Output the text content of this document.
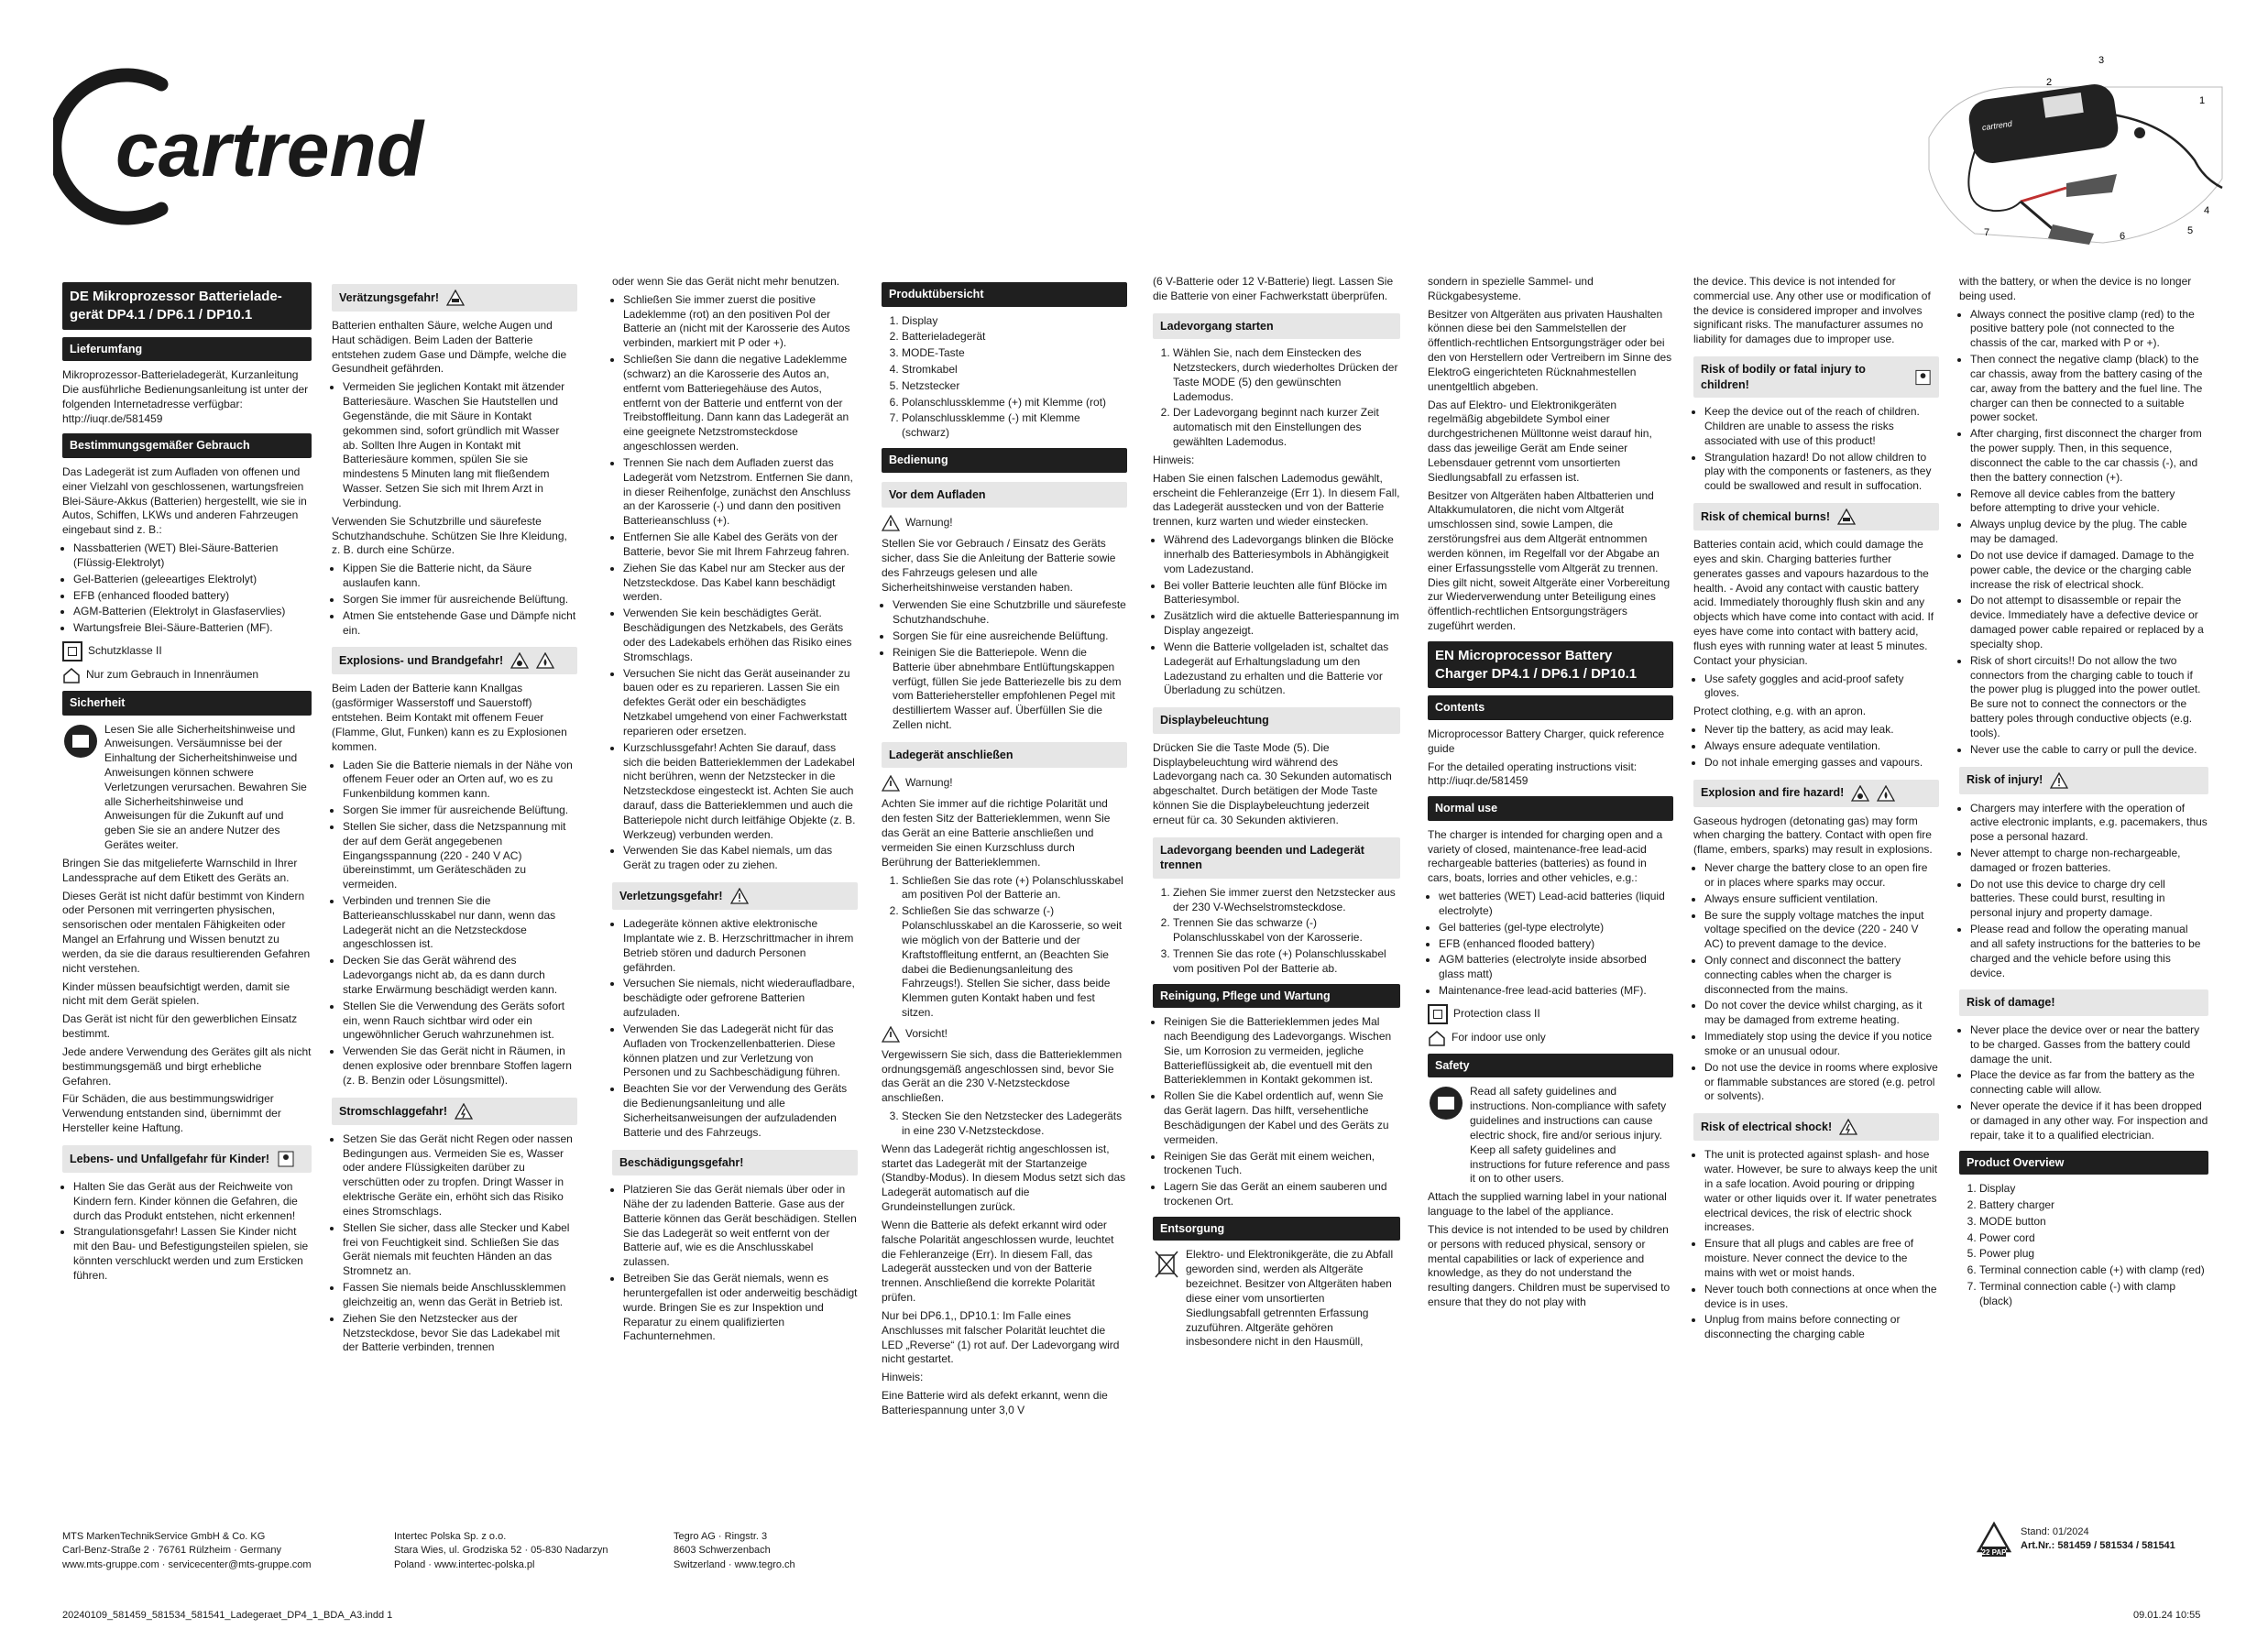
cartrend	cartrend
3
2
1
4
5
6
7
DE Mikroprozessor Batterielade-gerät DP4.1 / DP6.1 / DP10.1
Lieferumfang

Mikroprozessor-Batterieladegerät, Kurzanleitung Die ausführliche Bedienungsanleitung ist unter der folgenden Internetadresse verfügbar: http://iuqr.de/581459

Bestimmungsgemäßer Gebrauch

Das Ladegerät ist zum Aufladen von offenen und einer Vielzahl von geschlossenen, wartungsfreien Blei-Säure-Akkus (Batterien) hergestellt, wie sie in Autos, Schiffen, LKWs und anderen Fahrzeugen eingebaut sind z. B.:

• Nassbatterien (WET) Blei-Säure-Batterien (Flüssig-Elektrolyt)
• Gel-Batterien (geleeartiges Elektrolyt)
• EFB (enhanced flooded battery)
• AGM-Batterien (Elektrolyt in Glasfaservlies)
• Wartungsfreie Blei-Säure-Batterien (MF).
Schutzklasse II
Nur zum Gebrauch in Innenräumen
Sicherheit

Lesen Sie alle Sicherheitshinweise und Anweisungen. Versäumnisse bei der Einhaltung der Sicherheitshinweise und Anweisungen können schwere Verletzungen verursachen. Bewahren Sie alle Sicherheitshinweise und Anweisungen für die Zukunft auf und geben Sie sie an andere Nutzer des Gerätes weiter.

Bringen Sie das mitgelieferte Warnschild in Ihrer Landessprache auf dem Etikett des Geräts an.

Dieses Gerät ist nicht dafür bestimmt von Kindern oder Personen mit verringerten physischen, sensorischen oder mentalen Fähigkeiten oder Mangel an Erfahrung und Wissen benutzt zu werden, da sie die daraus resultierenden Gefahren nicht verstehen.

Kinder müssen beaufsichtigt werden, damit sie nicht mit dem Gerät spielen.

Das Gerät ist nicht für den gewerblichen Einsatz bestimmt.

Jede andere Verwendung des Gerätes gilt als nicht bestimmungsgemäß und birgt erhebliche Gefahren.

Für Schäden, die aus bestimmungswidriger Verwendung entstanden sind, übernimmt der Hersteller keine Haftung.

Lebens- und Unfallgefahr für Kinder!
• Halten Sie das Gerät aus der Reichweite von Kindern fern. Kinder können die Gefahren, die durch das Produkt entstehen, nicht erkennen!
• Strangulationsgefahr! Lassen Sie Kinder nicht mit den Bau- und Befestigungsteilen spielen, sie könnten verschluckt werden und zum Ersticken führen.
Verätzungsgefahr!

Batterien enthalten Säure, welche Augen und Haut schädigen. Beim Laden der Batterie entstehen zudem Gase und Dämpfe, welche die Gesundheit gefährden.

• Vermeiden Sie jeglichen Kontakt mit ätzender Batteriesäure. Waschen Sie Hautstellen und Gegenstände, die mit Säure in Kontakt gekommen sind, sofort gründlich mit Wasser ab. Sollten Ihre Augen in Kontakt mit Batteriesäure kommen, spülen Sie sie mindestens 5 Minuten lang mit fließendem Wasser. Setzen Sie sich mit Ihrem Arzt in Verbindung.

Verwenden Sie Schutzbrille und säurefeste Schutzhandschuhe. Schützen Sie Ihre Kleidung, z. B. durch eine Schürze.

• Kippen Sie die Batterie nicht, da Säure auslaufen kann.
• Sorgen Sie immer für ausreichende Belüftung.
• Atmen Sie entstehende Gase und Dämpfe nicht ein.
Explosions- und Brandgefahr!

Beim Laden der Batterie kann Knallgas (gasförmiger Wasserstoff und Sauerstoff) entstehen. Beim Kontakt mit offenem Feuer (Flamme, Glut, Funken) kann es zu Explosionen kommen.

• Laden Sie die Batterie niemals in der Nähe von offenem Feuer oder an Orten auf, wo es zu Funkenbildung kommen kann.
• Sorgen Sie immer für ausreichende Belüftung.
• Stellen Sie sicher, dass die Netzspannung mit der auf dem Gerät angegebenen Eingangsspannung (220 - 240 V AC) übereinstimmt, um Geräteschäden zu vermeiden.
• Verbinden und trennen Sie die Batterieanschlusskabel nur dann, wenn das Ladegerät nicht an die Netzsteckdose angeschlossen ist.
• Decken Sie das Gerät während des Ladevorgangs nicht ab, da es dann durch starke Erwärmung beschädigt werden kann.
• Stellen Sie die Verwendung des Geräts sofort ein, wenn Rauch sichtbar wird oder ein ungewöhnlicher Geruch wahrzunehmen ist.
• Verwenden Sie das Gerät nicht in Räumen, in denen explosive oder brennbare Stoffen lagern (z. B. Benzin oder Lösungsmittel).
Stromschlaggefahr!
• Setzen Sie das Gerät nicht Regen oder nassen Bedingungen aus. Vermeiden Sie es, Wasser oder andere Flüssigkeiten darüber zu verschütten oder zu tropfen. Dringt Wasser in elektrische Geräte ein, erhöht sich das Risiko eines Stromschlags.
• Stellen Sie sicher, dass alle Stecker und Kabel frei von Feuchtigkeit sind. Schließen Sie das Gerät niemals mit feuchten Händen an das Stromnetz an.
• Fassen Sie niemals beide Anschlussklemmen gleichzeitig an, wenn das Gerät in Betrieb ist.
• Ziehen Sie den Netzstecker aus der Netzsteckdose, bevor Sie das Ladekabel mit der Batterie verbinden, trennen

oder wenn Sie das Gerät nicht mehr benutzen.

• Schließen Sie immer zuerst die positive Ladeklemme (rot) an den positiven Pol der Batterie an (nicht mit der Karosserie des Autos verbinden, markiert mit P oder +).
• Schließen Sie dann die negative Ladeklemme (schwarz) an die Karosserie des Autos an, entfernt vom Batteriegehäuse des Autos, entfernt von der Batterie und entfernt von der Treibstoffleitung. Dann kann das Ladegerät an eine geeignete Netzstromsteckdose angeschlossen werden.
• Trennen Sie nach dem Aufladen zuerst das Ladegerät vom Netzstrom. Entfernen Sie dann, in dieser Reihenfolge, zunächst den Anschluss an der Karosserie (-) und dann den positiven Batterieanschluss (+).
• Entfernen Sie alle Kabel des Geräts von der Batterie, bevor Sie mit Ihrem Fahrzeug fahren.
• Ziehen Sie das Kabel nur am Stecker aus der Netzsteckdose. Das Kabel kann beschädigt werden.
• Verwenden Sie kein beschädigtes Gerät. Beschädigungen des Netzkabels, des Geräts oder des Ladekabels erhöhen das Risiko eines Stromschlags.
• Versuchen Sie nicht das Gerät auseinander zu bauen oder es zu reparieren. Lassen Sie ein defektes Gerät oder ein beschädigtes Netzkabel umgehend von einer Fachwerkstatt reparieren oder ersetzen.
• Kurzschlussgefahr! Achten Sie darauf, dass sich die beiden Batterieklemmen der Ladekabel nicht berühren, wenn der Netzstecker in die Netzsteckdose eingesteckt ist. Achten Sie auch darauf, dass die Batterieklemmen und auch die Batteriepole nicht durch leitfähige Objekte (z. B. Werkzeug) verbunden werden.
• Verwenden Sie das Kabel niemals, um das Gerät zu tragen oder zu ziehen.
Verletzungsgefahr!
• Ladegeräte können aktive elektronische Implantate wie z. B. Herzschrittmacher in ihrem Betrieb stören und dadurch Personen gefährden.
• Versuchen Sie niemals, nicht wiederaufladbare, beschädigte oder gefrorene Batterien aufzuladen.
• Verwenden Sie das Ladegerät nicht für das Aufladen von Trockenzellenbatterien. Diese können platzen und zur Verletzung von Personen und zu Sachbeschädigung führen.
• Beachten Sie vor der Verwendung des Geräts die Bedienungsanleitung und alle Sicherheitsanweisungen der aufzuladenden Batterie und des Fahrzeugs.
Beschädigungsgefahr!
• Platzieren Sie das Gerät niemals über oder in Nähe der zu ladenden Batterie. Gase aus der Batterie können das Gerät beschädigen. Stellen Sie das Ladegerät so weit entfernt von der Batterie auf, wie es die Anschlusskabel zulassen.
• Betreiben Sie das Gerät niemals, wenn es heruntergefallen ist oder anderweitig beschädigt wurde. Bringen Sie es zur Inspektion und Reparatur zu einem qualifizierten Fachunternehmen.
Produktübersicht
1. Display
2. Batterieladegerät
3. MODE-Taste
4. Stromkabel
5. Netzstecker
6. Polanschlussklemme (+) mit Klemme (rot)
7. Polanschlussklemme (-) mit Klemme (schwarz)
Bedienung
Vor dem Aufladen
Warnung!

Stellen Sie vor Gebrauch / Einsatz des Geräts sicher, dass Sie die Anleitung der Batterie sowie des Fahrzeugs gelesen und alle Sicherheitshinweise verstanden haben.

• Verwenden Sie eine Schutzbrille und säurefeste Schutzhandschuhe.
• Sorgen Sie für eine ausreichende Belüftung.
• Reinigen Sie die Batteriepole. Wenn die Batterie über abnehmbare Entlüftungskappen verfügt, füllen Sie jede Batteriezelle bis zu dem vom Batteriehersteller empfohlenen Pegel mit destilliertem Wasser auf. Überfüllen Sie die Zellen nicht.
Ladegerät anschließen
Warnung!

Achten Sie immer auf die richtige Polarität und den festen Sitz der Batterieklemmen, wenn Sie das Gerät an eine Batterie anschließen und vermeiden Sie einen Kurzschluss durch Berührung der Batterieklemmen.

1. Schließen Sie das rote (+) Polanschlusskabel am positiven Pol der Batterie an.
2. Schließen Sie das schwarze (-) Polanschlusskabel an die Karosserie, so weit wie möglich von der Batterie und der Kraftstoffleitung entfernt, an (Beachten Sie dabei die Bedienungsanleitung des Fahrzeugs!). Stellen Sie sicher, dass beide Klemmen guten Kontakt haben und fest sitzen.
Vorsicht!

Vergewissern Sie sich, dass die Batterieklemmen ordnungsgemäß angeschlossen sind, bevor Sie das Gerät an die 230 V-Netzsteckdose anschließen.

3. Stecken Sie den Netzstecker des Ladegeräts in eine 230 V-Netzsteckdose.

Wenn das Ladegerät richtig angeschlossen ist, startet das Ladegerät mit der Startanzeige (Standby-Modus). In diesem Modus setzt sich das Ladegerät automatisch auf die Grundeinstellungen zurück.

Wenn die Batterie als defekt erkannt wird oder falsche Polarität angeschlossen wurde, leuchtet die Fehleranzeige (Err). In diesem Fall, das Ladegerät ausstecken und von der Batterie trennen. Anschließend die korrekte Polarität prüfen.

Nur bei DP6.1,, DP10.1: Im Falle eines Anschlusses mit falscher Polarität leuchtet die LED „Reverse“ (1) rot auf. Der Ladevorgang wird nicht gestartet.

Hinweis:

Eine Batterie wird als defekt erkannt, wenn die Batteriespannung unter 3,0 V

(6 V-Batterie oder 12 V-Batterie) liegt. Lassen Sie die Batterie von einer Fachwerkstatt überprüfen.

Ladevorgang starten
1. Wählen Sie, nach dem Einstecken des Netzsteckers, durch wiederholtes Drücken der Taste MODE (5) den gewünschten Lademodus.
2. Der Ladevorgang beginnt nach kurzer Zeit automatisch mit den Einstellungen des gewählten Lademodus.

Hinweis:

Haben Sie einen falschen Lademodus gewählt, erscheint die Fehleranzeige (Err 1). In diesem Fall, das Ladegerät ausstecken und von der Batterie trennen, kurz warten und wieder einstecken.

• Während des Ladevorgangs blinken die Blöcke innerhalb des Batteriesymbols in Abhängigkeit vom Ladezustand.
• Bei voller Batterie leuchten alle fünf Blöcke im Batteriesymbol.
• Zusätzlich wird die aktuelle Batteriespannung im Display angezeigt.
• Wenn die Batterie vollgeladen ist, schaltet das Ladegerät auf Erhaltungsladung um den Ladezustand zu erhalten und die Batterie vor Überladung zu schützen.
Displaybeleuchtung

Drücken Sie die Taste Mode (5). Die Displaybeleuchtung wird während des Ladevorgang nach ca. 30 Sekunden automatisch abgeschaltet. Durch betätigen der Mode Taste können Sie die Displaybeleuchtung jederzeit erneut für ca. 30 Sekunden aktivieren.

Ladevorgang beenden und Ladegerät trennen
1. Ziehen Sie immer zuerst den Netzstecker aus der 230 V-Wechselstromsteckdose.
2. Trennen Sie das schwarze (-) Polanschlusskabel von der Karosserie.
3. Trennen Sie das rote (+) Polanschlusskabel vom positiven Pol der Batterie ab.
Reinigung, Pflege und Wartung
• Reinigen Sie die Batterieklemmen jedes Mal nach Beendigung des Ladevorgangs. Wischen Sie, um Korrosion zu vermeiden, jegliche Batterieflüssigkeit ab, die eventuell mit den Batterieklemmen in Kontakt gekommen ist.
• Rollen Sie die Kabel ordentlich auf, wenn Sie das Gerät lagern. Das hilft, versehentliche Beschädigungen der Kabel und des Geräts zu vermeiden.
• Reinigen Sie das Gerät mit einem weichen, trockenen Tuch.
• Lagern Sie das Gerät an einem sauberen und trockenen Ort.
Entsorgung

Elektro- und Elektronikgeräte, die zu Abfall geworden sind, werden als Altgeräte bezeichnet. Besitzer von Altgeräten haben diese einer vom unsortierten Siedlungsabfall getrennten Erfassung zuzuführen. Altgeräte gehören insbesondere nicht in den Hausmüll,

sondern in spezielle Sammel- und Rückgabesysteme.

Besitzer von Altgeräten aus privaten Haushalten können diese bei den Sammelstellen der öffentlich-rechtlichen Entsorgungsträger oder bei den von Herstellern oder Vertreibern im Sinne des ElektroG eingerichteten Rücknahmestellen unentgeltlich abgeben.

Das auf Elektro- und Elektronikgeräten regelmäßig abgebildete Symbol einer durchgestrichenen Mülltonne weist darauf hin, dass das jeweilige Gerät am Ende seiner Lebensdauer getrennt vom unsortierten Siedlungsabfall zu erfassen ist.

Besitzer von Altgeräten haben Altbatterien und Altakkumulatoren, die nicht vom Altgerät umschlossen sind, sowie Lampen, die zerstörungsfrei aus dem Altgerät entnommen werden können, im Regelfall vor der Abgabe an einer Erfassungsstelle vom Altgerät zu trennen. Dies gilt nicht, soweit Altgeräte einer Vorbereitung zur Wiederverwendung unter Beteiligung eines öffentlich-rechtlichen Entsorgungsträgers zugeführt werden.

EN Microprocessor Battery Charger DP4.1 / DP6.1 / DP10.1
Contents

Microprocessor Battery Charger, quick reference guide

For the detailed operating instructions visit: http://iuqr.de/581459

Normal use

The charger is intended for charging open and a variety of closed, maintenance-free lead-acid rechargeable batteries (batteries) as found in cars, boats, lorries and other vehicles, e.g.:

• wet batteries (WET) Lead-acid batteries (liquid electrolyte)
• Gel batteries (gel-type electrolyte)
• EFB (enhanced flooded battery)
• AGM batteries (electrolyte inside absorbed glass matt)
• Maintenance-free lead-acid batteries (MF).
Protection class II
For indoor use only
Safety

Read all safety guidelines and instructions. Non-compliance with safety guidelines and instructions can cause electric shock, fire and/or serious injury. Keep all safety guidelines and instructions for future reference and pass it on to other users.

Attach the supplied warning label in your national language to the label of the appliance.

This device is not intended to be used by children or persons with reduced physical, sensory or mental capabilities or lack of experience and knowledge, as they do not understand the resulting dangers. Children must be supervised to ensure that they do not play with

the device. This device is not intended for commercial use. Any other use or modification of the device is considered improper and involves significant risks. The manufacturer assumes no liability for damages due to improper use.

Risk of bodily or fatal injury to children!
• Keep the device out of the reach of children. Children are unable to assess the risks associated with use of this product!
• Strangulation hazard! Do not allow children to play with the components or fasteners, as they could be swallowed and result in suffocation.
Risk of chemical burns!

Batteries contain acid, which could damage the eyes and skin. Charging batteries further generates gasses and vapours hazardous to the health. - Avoid any contact with caustic battery acid. Immediately thoroughly flush skin and any objects which have come into contact with acid. If eyes have come into contact with battery acid, flush eyes with running water at least 5 minutes. Contact your physician.

• Use safety goggles and acid-proof safety gloves.

Protect clothing, e.g. with an apron.

• Never tip the battery, as acid may leak.
• Always ensure adequate ventilation.
• Do not inhale emerging gasses and vapours.
Explosion and fire hazard!

Gaseous hydrogen (detonating gas) may form when charging the battery. Contact with open fire (flame, embers, sparks) may result in explosions.

• Never charge the battery close to an open fire or in places where sparks may occur.
• Always ensure sufficient ventilation.
• Be sure the supply voltage matches the input voltage specified on the device (220 - 240 V AC) to prevent damage to the device.
• Only connect and disconnect the battery connecting cables when the charger is disconnected from the mains.
• Do not cover the device whilst charging, as it may be damaged from extreme heating.
• Immediately stop using the device if you notice smoke or an unusual odour.
• Do not use the device in rooms where explosive or flammable substances are stored (e.g. petrol or solvents).
Risk of electrical shock!
• The unit is protected against splash- and hose water. However, be sure to always keep the unit in a safe location. Avoid pouring or dripping water or other liquids over it. If water penetrates electrical devices, the risk of electric shock increases.
• Ensure that all plugs and cables are free of moisture. Never connect the device to the mains with wet or moist hands.
• Never touch both connections at once when the device is in uses.
• Unplug from mains before connecting or disconnecting the charging cable

with the battery, or when the device is no longer being used.

• Always connect the positive clamp (red) to the positive battery pole (not connected to the chassis of the car, marked with P or +).
• Then connect the negative clamp (black) to the car chassis, away from the battery casing of the car, away from the battery and the fuel line. The charger can then be connected to a suitable power socket.
• After charging, first disconnect the charger from the power supply. Then, in this sequence, disconnect the cable to the car chassis (-), and then the battery connection (+).
• Remove all device cables from the battery before attempting to drive your vehicle.
• Always unplug device by the plug. The cable may be damaged.
• Do not use device if damaged. Damage to the power cable, the device or the charging cable increase the risk of electrical shock.
• Do not attempt to disassemble or repair the device. Immediately have a defective device or damaged power cable repaired or replaced by a specialty shop.
• Risk of short circuits!! Do not allow the two connectors from the charging cable to touch if the power plug is plugged into the power outlet. Be sure not to connect the connectors or the battery poles through conductive objects (e.g. tools).
• Never use the cable to carry or pull the device.
Risk of injury!
• Chargers may interfere with the operation of active electronic implants, e.g. pacemakers, thus pose a personal hazard.
• Never attempt to charge non-rechargeable, damaged or frozen batteries.
• Do not use this device to charge dry cell batteries. These could burst, resulting in personal injury and property damage.
• Please read and follow the operating manual and all safety instructions for the batteries to be charged and the vehicle before using this device.
Risk of damage!
• Never place the device over or near the battery to be charged. Gasses from the battery could damage the unit.
• Place the device as far from the battery as the connecting cable will allow.
• Never operate the device if it has been dropped or damaged in any other way. For inspection and repair, take it to a qualified electrician.
Product Overview
1. Display
2. Battery charger
3. MODE button
4. Power cord
5. Power plug
6. Terminal connection cable (+) with clamp (red)
7. Terminal connection cable (-) with clamp (black)
MTS MarkenTechnikService GmbH & Co. KG
Carl-Benz-Straße 2 · 76761 Rülzheim · Germany
www.mts-gruppe.com · servicecenter@mts-gruppe.com
Intertec Polska Sp. z o.o.
Stara Wies, ul. Grodziska 52 · 05-830 Nadarzyn
Poland · www.intertec-polska.pl
Tegro AG · Ringstr. 3
8603 Schwerzenbach
Switzerland · www.tegro.ch
22 PAP
Stand: 01/2024
Art.Nr.: 581459 / 581534 / 581541
20240109_581459_581534_581541_Ladegeraet_DP4_1_BDA_A3.indd 1	09.01.24 10:55
